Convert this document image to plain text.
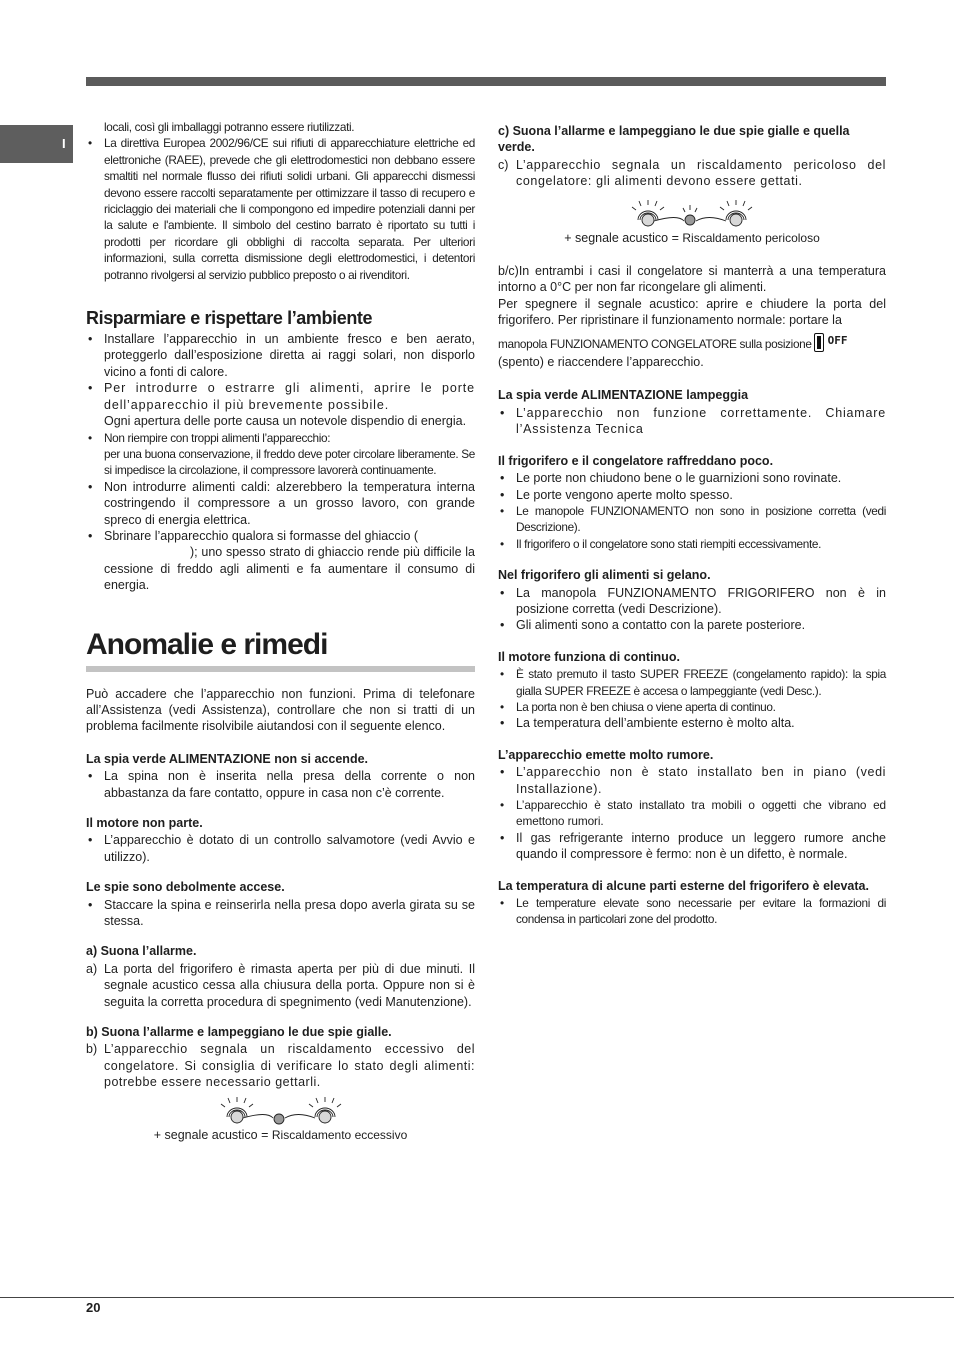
I

locali, così gli imballaggi potranno essere riutilizzati.

• La direttiva Europea 2002/96/CE sui rifiuti di apparecchiature elettriche ed elettroniche (RAEE), prevede che gli elettrodomestici non debbano essere smaltiti nel normale flusso dei rifiuti solidi urbani. Gli apparecchi dismessi devono essere raccolti separatamente per ottimizzare il tasso di recupero e riciclaggio dei materiali che li compongono ed impedire potenziali danni per la salute e l'ambiente. Il simbolo del cestino barrato è riportato su tutti i prodotti per ricordare gli obblighi di raccolta separata. Per ulteriori informazioni, sulla corretta dismissione degli elettrodomestici, i detentori potranno rivolgersi al servizio pubblico preposto o ai rivenditori.
Risparmiare e rispettare l’ambiente
• Installare l’apparecchio in un ambiente fresco e ben aerato, proteggerlo dall’esposizione diretta ai raggi solari, non disporlo vicino a fonti di calore.
• Per introdurre o estrarre gli alimenti, aprire le porte dell’apparecchio il più brevemente possibile.

Ogni apertura delle porte causa un notevole dispendio di energia.

• Non riempire con troppi alimenti l’apparecchio:

per una buona conservazione, il freddo deve poter circolare liberamente. Se si impedisce la circolazione, il compressore lavorerà continuamente.

• Non introdurre alimenti caldi: alzerebbero la temperatura interna costringendo il compressore a un grosso lavoro, con grande spreco di energia elettrica.
• Sbrinare l’apparecchio qualora si formasse del ghiaccio (
); uno spesso strato di ghiaccio rende più difficile la cessione di freddo agli alimenti e fa aumentare il consumo di energia.
Anomalie e rimedi

Può accadere che l’apparecchio non funzioni. Prima di telefonare all’Assistenza (vedi Assistenza), controllare che non si tratti di un problema facilmente risolvibile aiutandosi con il seguente elenco.

La spia verde ALIMENTAZIONE non si accende.
• La spina non è inserita nella presa della corrente o non abbastanza da fare contatto, oppure in casa non c’è corrente.
Il motore non parte.
• L’apparecchio è dotato di un controllo salvamotore (vedi Avvio e utilizzo).
Le spie sono debolmente accese.
• Staccare la spina e reinserirla nella presa dopo averla girata su se stessa.
a) Suona l’allarme.
a) La porta del frigorifero è rimasta aperta per più di due minuti. Il segnale acustico cessa alla chiusura della porta. Oppure non si è seguita la corretta procedura di spegnimento (vedi Manutenzione).
b) Suona l’allarme e lampeggiano le due spie gialle.
b) L’apparecchio segnala un riscaldamento eccessivo del congelatore. Si consiglia di verificare lo stato degli alimenti: potrebbe essere necessario gettarli.
+ segnale acustico = Riscaldamento eccessivo
c) Suona l’allarme e lampeggiano le due spie gialle e quella verde.
c) L’apparecchio segnala un riscaldamento pericoloso del congelatore: gli alimenti devono essere gettati.
+ segnale acustico = Riscaldamento pericoloso

b/c)In entrambi i casi il congelatore si manterrà a una temperatura intorno a 0°C per non far ricongelare gli alimenti.

Per spegnere il segnale acustico: aprire e chiudere la porta del frigorifero. Per ripristinare il funzionamento normale: portare la

manopola FUNZIONAMENTO CONGELATORE sulla posizione OFF

(spento) e riaccendere l’apparecchio.

La spia verde ALIMENTAZIONE lampeggia
• L’apparecchio non funzione correttamente. Chiamare l’Assistenza Tecnica
Il frigorifero e il congelatore raffreddano poco.
• Le porte non chiudono bene o le guarnizioni sono rovinate.
• Le porte vengono aperte molto spesso.
• Le manopole FUNZIONAMENTO non sono in posizione corretta (vedi Descrizione).
• Il frigorifero o il congelatore sono stati riempiti eccessivamente.
Nel frigorifero gli alimenti si gelano.
• La manopola FUNZIONAMENTO FRIGORIFERO non è in posizione corretta (vedi Descrizione).
• Gli alimenti sono a contatto con la parete posteriore.
Il motore funziona di continuo.
• È stato premuto il tasto SUPER FREEZE (congelamento rapido): la spia gialla SUPER FREEZE è accesa o lampeggiante (vedi Desc.).
• La porta non è ben chiusa o viene aperta di continuo.
• La temperatura dell’ambiente esterno è molto alta.
L’apparecchio emette molto rumore.
• L’apparecchio non è stato installato ben in piano (vedi Installazione).
• L’apparecchio è stato installato tra mobili o oggetti che vibrano ed emettono rumori.
• Il gas refrigerante interno produce un leggero rumore anche quando il compressore è fermo: non è un difetto, è normale.
La temperatura di alcune parti esterne del frigorifero è elevata.
• Le temperature elevate sono necessarie per evitare la formazioni di condensa in particolari zone del prodotto.
20
